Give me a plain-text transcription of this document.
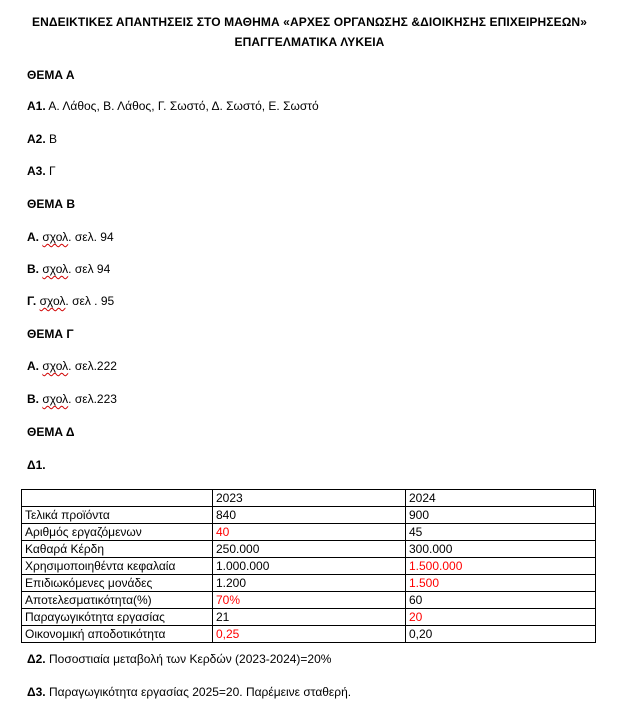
ΕΝΔΕΙΚΤΙΚΕΣ ΑΠΑΝΤΗΣΕΙΣ ΣΤΟ ΜΑΘΗΜΑ «ΑΡΧΕΣ ΟΡΓΑΝΩΣΗΣ &ΔΙΟΙΚΗΣΗΣ ΕΠΙΧΕΙΡΗΣΕΩΝ»
ΕΠΑΓΓΕΛΜΑΤΙΚΑ ΛΥΚΕΙΑ
ΘΕΜΑ Α
Α1. Α. Λάθος, Β. Λάθος, Γ. Σωστό, Δ. Σωστό, Ε. Σωστό
Α2. Β
Α3. Γ
ΘΕΜΑ Β
Α. σχολ. σελ. 94
Β. σχολ. σελ 94
Γ. σχολ. σελ . 95
ΘΕΜΑ Γ
Α. σχολ. σελ.222
Β. σχολ. σελ.223
ΘΕΜΑ Δ
Δ1.
	2023	2024
Τελικά προϊόντα	840	900
Αριθμός εργαζόμενων	40	45
Καθαρά Κέρδη	250.000	300.000
Χρησιμοποιηθέντα κεφαλαία	1.000.000	1.500.000
Επιδιωκόμενες μονάδες	1.200	1.500
Αποτελεσματικότητα(%)	70%	60
Παραγωγικότητα εργασίας	21	20
Οικονομική αποδοτικότητα	0,25	0,20
Δ2. Ποσοστιαία μεταβολή των Κερδών (2023-2024)=20%
Δ3. Παραγωγικότητα εργασίας 2025=20. Παρέμεινε σταθερή.
